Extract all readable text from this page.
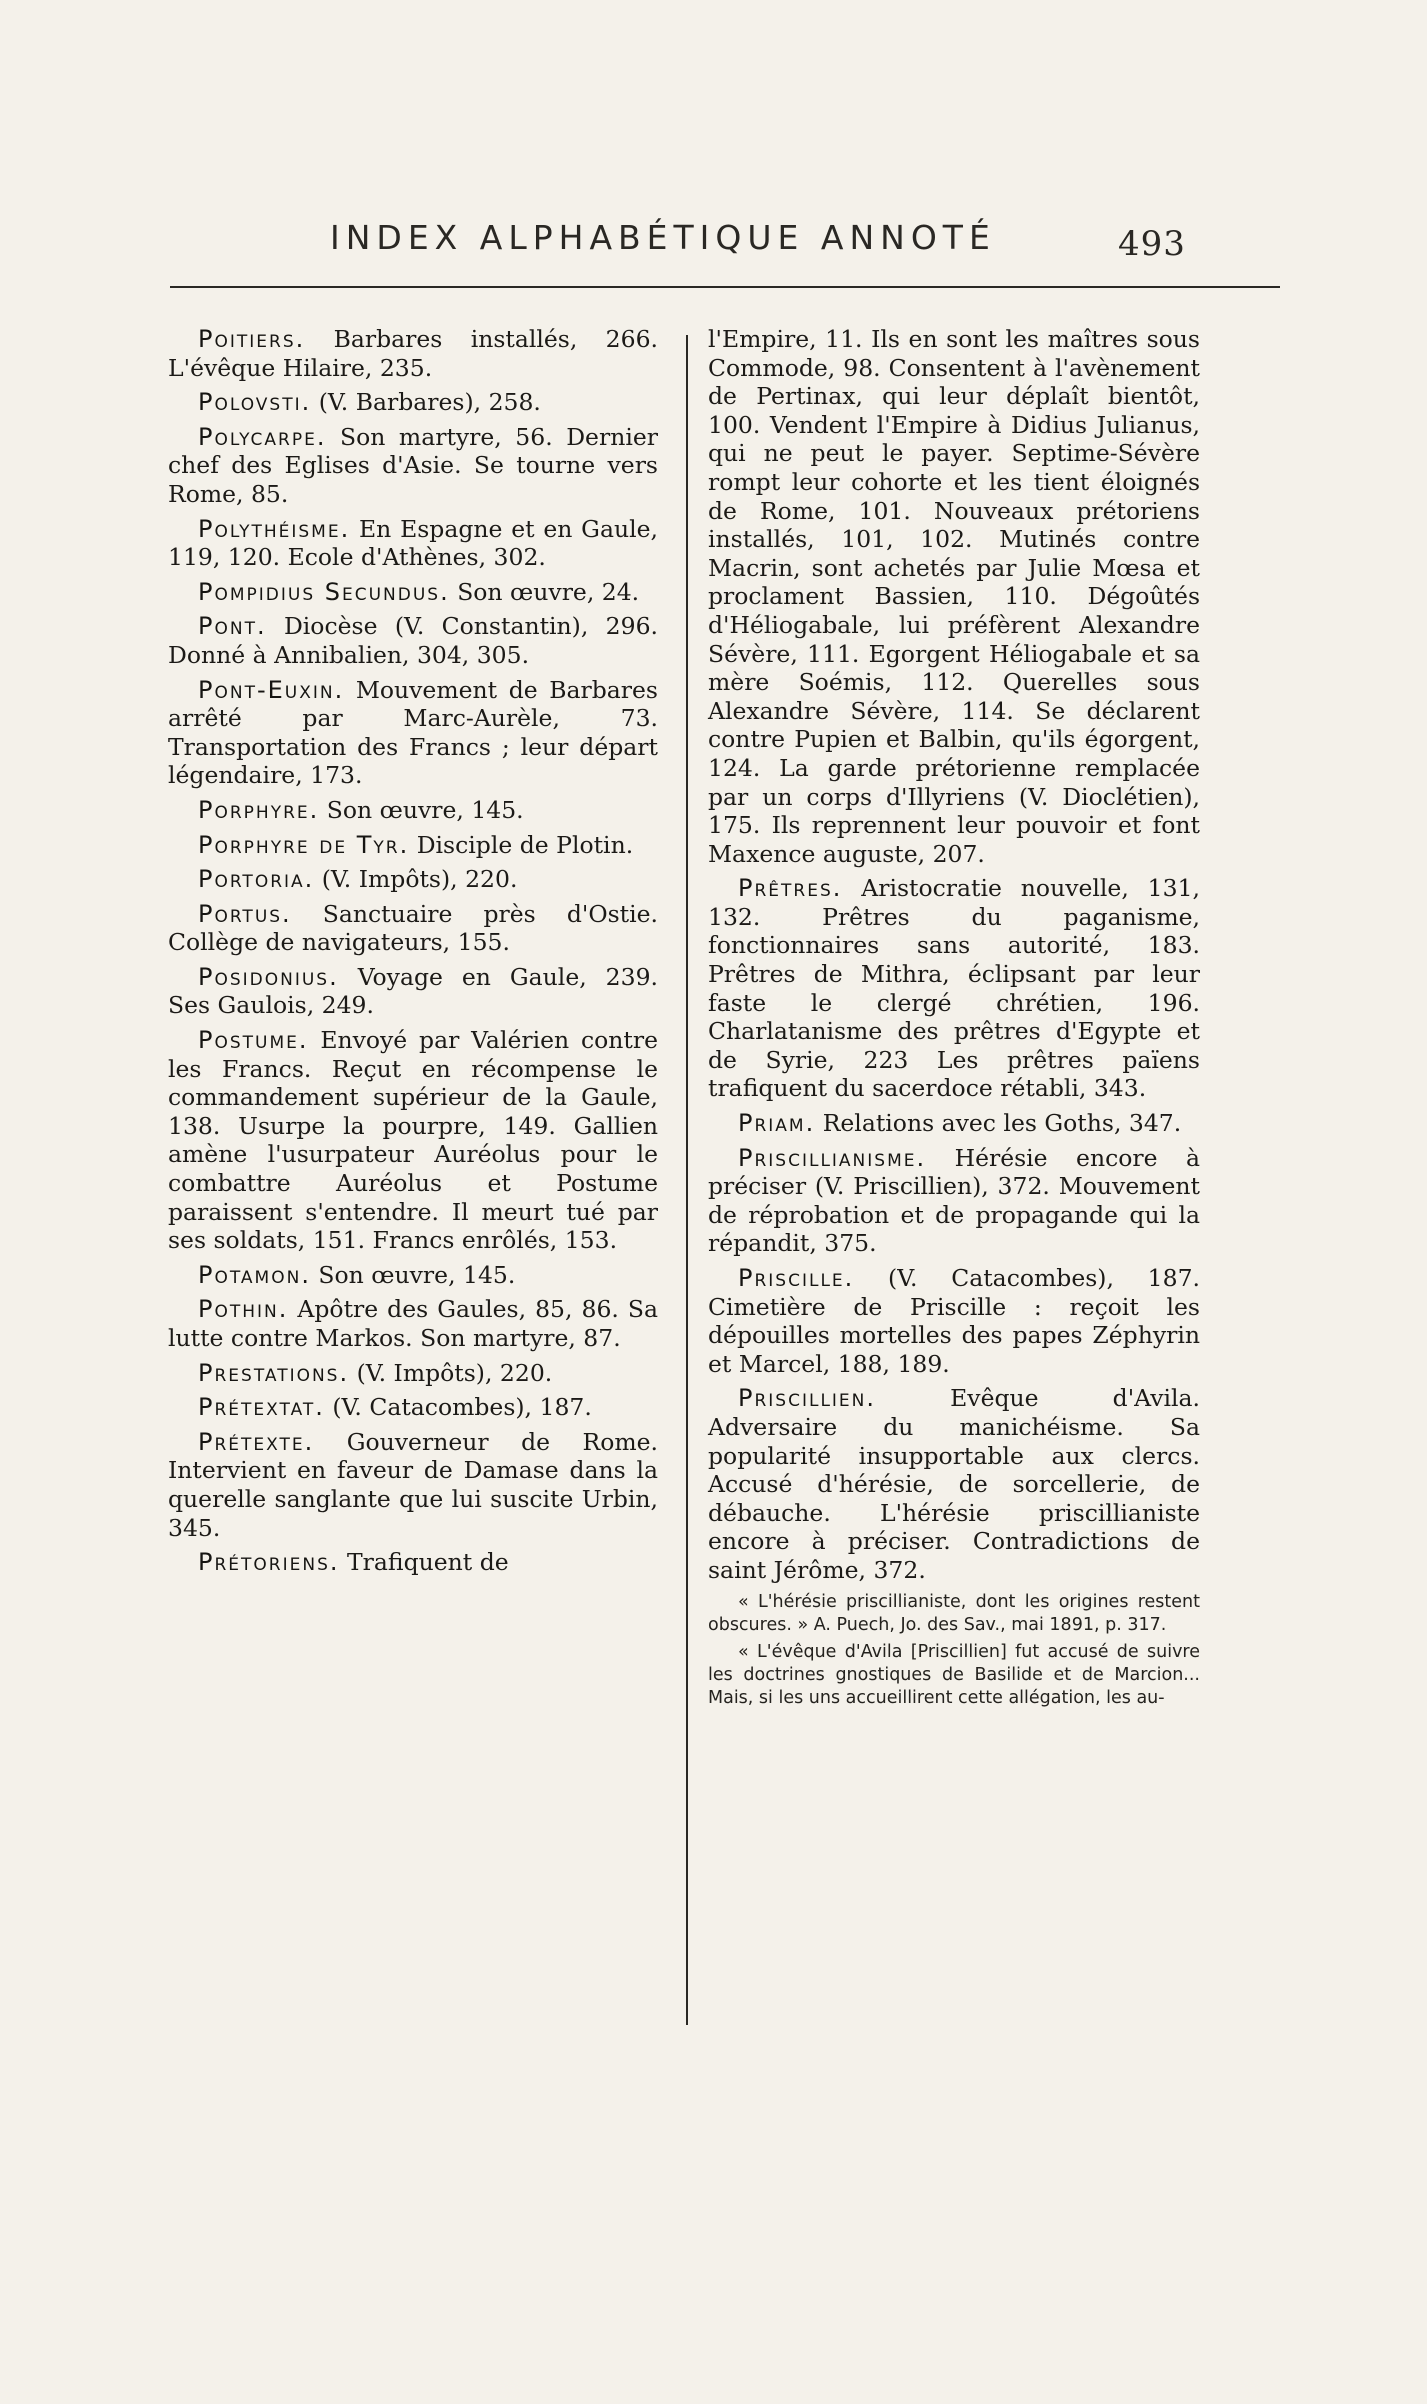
INDEX ALPHABÉTIQUE ANNOTÉ	493

Poitiers. Barbares installés, 266. L'évêque Hilaire, 235.

Polovsti. (V. Barbares), 258.

Polycarpe. Son martyre, 56. Dernier chef des Eglises d'Asie. Se tourne vers Rome, 85.

Polythéisme. En Espagne et en Gaule, 119, 120. Ecole d'Athènes, 302.

Pompidius Secundus. Son œuvre, 24.

Pont. Diocèse (V. Constantin), 296. Donné à Annibalien, 304, 305.

Pont-Euxin. Mouvement de Barbares arrêté par Marc-Aurèle, 73. Transportation des Francs ; leur départ légendaire, 173.

Porphyre. Son œuvre, 145.

Porphyre de Tyr. Disciple de Plotin.

Portoria. (V. Impôts), 220.

Portus. Sanctuaire près d'Ostie. Collège de navigateurs, 155.

Posidonius. Voyage en Gaule, 239. Ses Gaulois, 249.

Postume. Envoyé par Valérien contre les Francs. Reçut en récompense le commandement supérieur de la Gaule, 138. Usurpe la pourpre, 149. Gallien amène l'usurpateur Auréolus pour le combattre Auréolus et Postume paraissent s'entendre. Il meurt tué par ses soldats, 151. Francs enrôlés, 153.

Potamon. Son œuvre, 145.

Pothin. Apôtre des Gaules, 85, 86. Sa lutte contre Markos. Son martyre, 87.

Prestations. (V. Impôts), 220.

Prétextat. (V. Catacombes), 187.

Prétexte. Gouverneur de Rome. Intervient en faveur de Damase dans la querelle sanglante que lui suscite Urbin, 345.

Prétoriens. Trafiquent de

l'Empire, 11. Ils en sont les maîtres sous Commode, 98. Consentent à l'avènement de Pertinax, qui leur déplaît bientôt, 100. Vendent l'Empire à Didius Julianus, qui ne peut le payer. Septime-Sévère rompt leur cohorte et les tient éloignés de Rome, 101. Nouveaux prétoriens installés, 101, 102. Mutinés contre Macrin, sont achetés par Julie Mœsa et proclament Bassien, 110. Dégoûtés d'Héliogabale, lui préfèrent Alexandre Sévère, 111. Egorgent Héliogabale et sa mère Soémis, 112. Querelles sous Alexandre Sévère, 114. Se déclarent contre Pupien et Balbin, qu'ils égorgent, 124. La garde prétorienne remplacée par un corps d'Illyriens (V. Dioclétien), 175. Ils reprennent leur pouvoir et font Maxence auguste, 207.

Prêtres. Aristocratie nouvelle, 131, 132. Prêtres du paganisme, fonctionnaires sans autorité, 183. Prêtres de Mithra, éclipsant par leur faste le clergé chrétien, 196. Charlatanisme des prêtres d'Egypte et de Syrie, 223 Les prêtres païens trafiquent du sacerdoce rétabli, 343.

Priam. Relations avec les Goths, 347.

Priscillianisme. Hérésie encore à préciser (V. Priscillien), 372. Mouvement de réprobation et de propagande qui la répandit, 375.

Priscille. (V. Catacombes), 187. Cimetière de Priscille : reçoit les dépouilles mortelles des papes Zéphyrin et Marcel, 188, 189.

Priscillien. Evêque d'Avila. Adversaire du manichéisme. Sa popularité insupportable aux clercs. Accusé d'hérésie, de sorcellerie, de débauche. L'hérésie priscillianiste encore à préciser. Contradictions de saint Jérôme, 372.

« L'hérésie priscillianiste, dont les origines restent obscures. » A. Puech, Jo. des Sav., mai 1891, p. 317.

« L'évêque d'Avila [Priscillien] fut accusé de suivre les doctrines gnostiques de Basilide et de Marcion... Mais, si les uns accueillirent cette allégation, les au-
